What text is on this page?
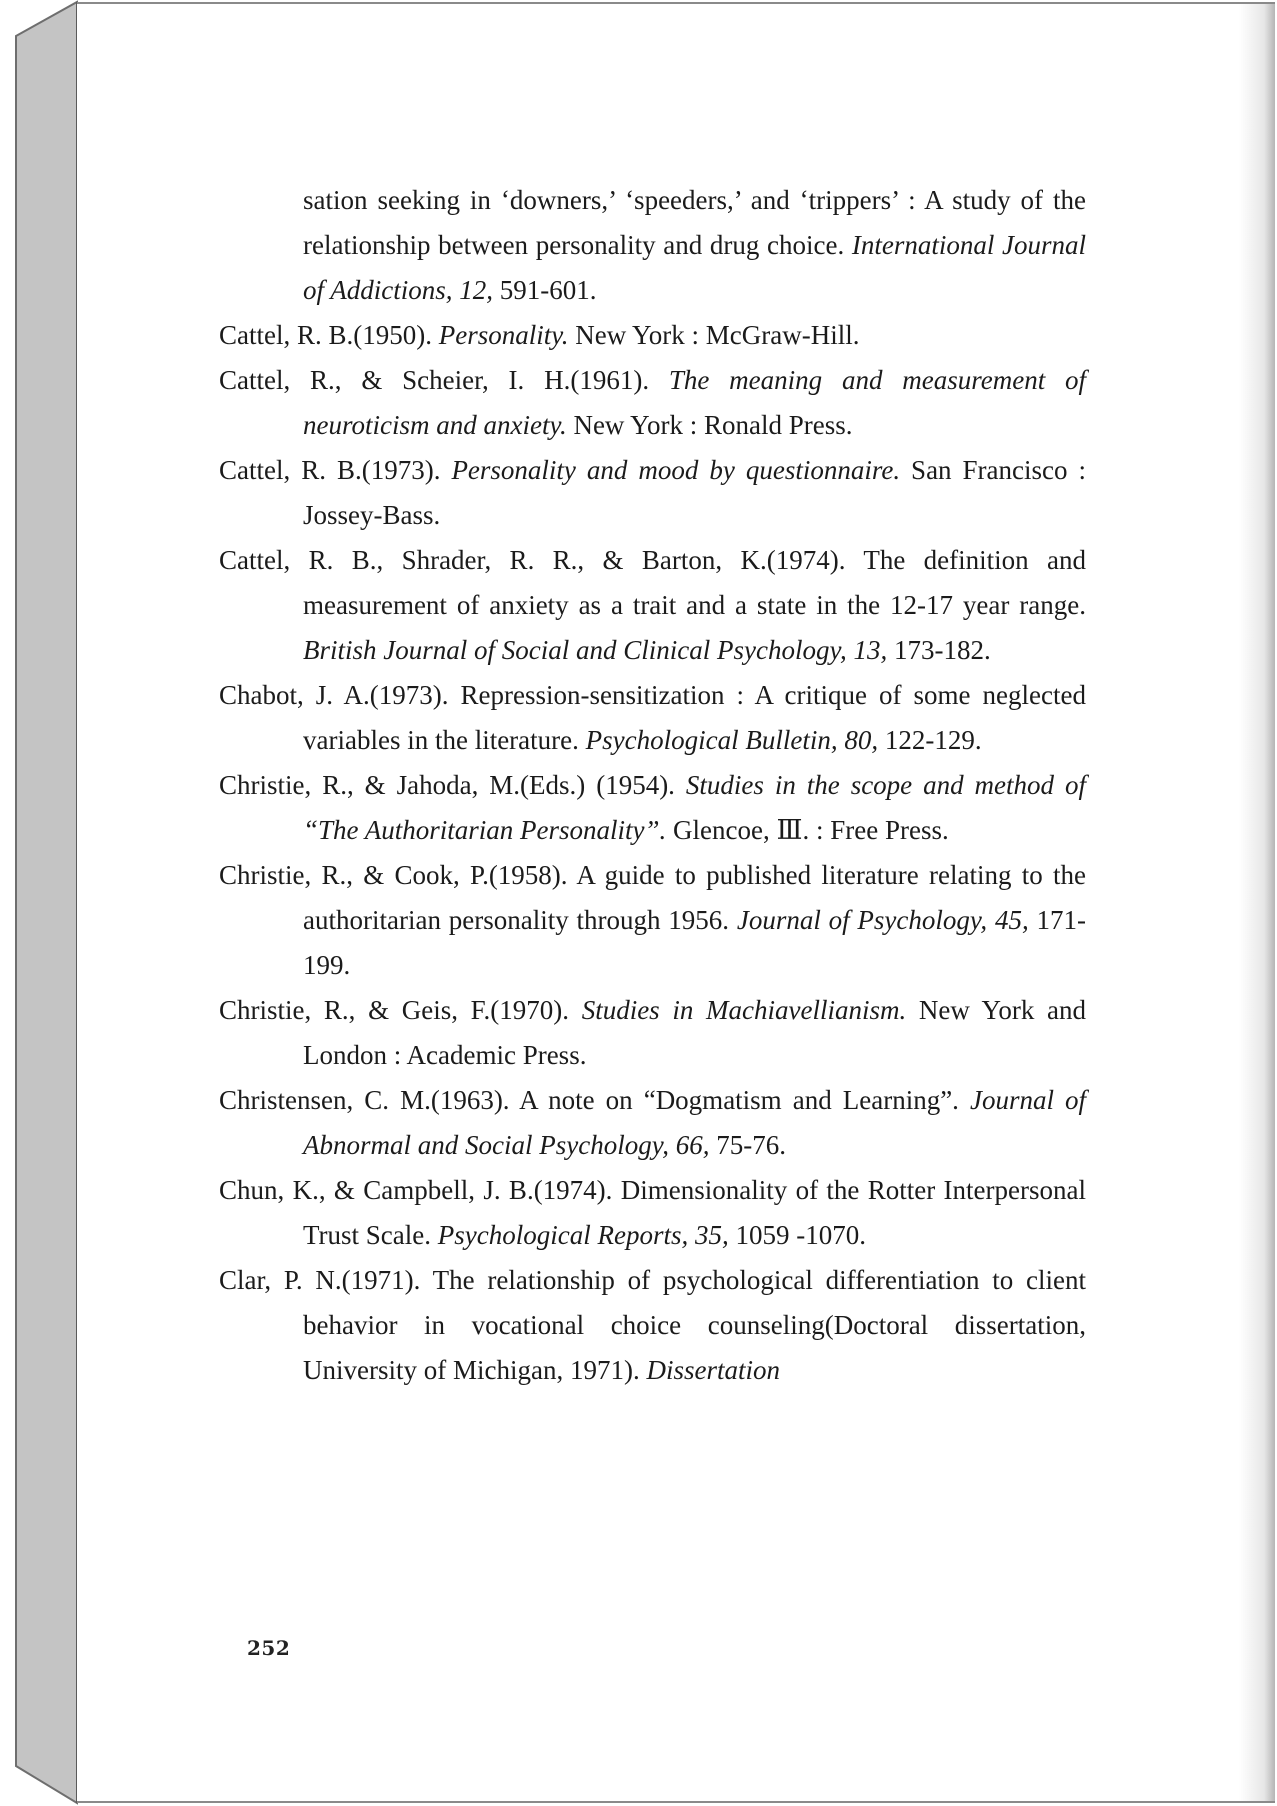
sation seeking in ‘downers,’ ‘speeders,’ and ‘trippers’ : A study of the relationship between personality and drug choice. International Journal of Addictions, 12, 591-601.

Cattel, R. B.(1950). Personality. New York : McGraw-Hill.

Cattel, R., & Scheier, I. H.(1961). The meaning and measurement of neuroticism and anxiety. New York : Ronald Press.

Cattel, R. B.(1973). Personality and mood by questionnaire. San Francisco : Jossey-Bass.

Cattel, R. B., Shrader, R. R., & Barton, K.(1974). The definition and measurement of anxiety as a trait and a state in the 12-17 year range. British Journal of Social and Clinical Psychology, 13, 173-182.

Chabot, J. A.(1973). Repression-sensitization : A critique of some neglected variables in the literature. Psychological Bulletin, 80, 122-129.

Christie, R., & Jahoda, M.(Eds.) (1954). Studies in the scope and method of “The Authoritarian Personality”. Glencoe, Ⅲ. : Free Press.

Christie, R., & Cook, P.(1958). A guide to published literature relating to the authoritarian personality through 1956. Journal of Psychology, 45, 171-199.

Christie, R., & Geis, F.(1970). Studies in Machiavellianism. New York and London : Academic Press.

Christensen, C. M.(1963). A note on “Dogmatism and Learning”. Journal of Abnormal and Social Psychology, 66, 75-76.

Chun, K., & Campbell, J. B.(1974). Dimensionality of the Rotter Interpersonal Trust Scale. Psychological Reports, 35, 1059 -1070.

Clar, P. N.(1971). The relationship of psychological differentiation to client behavior in vocational choice counseling(Doctoral dissertation, University of Michigan, 1971). Dissertation

252
